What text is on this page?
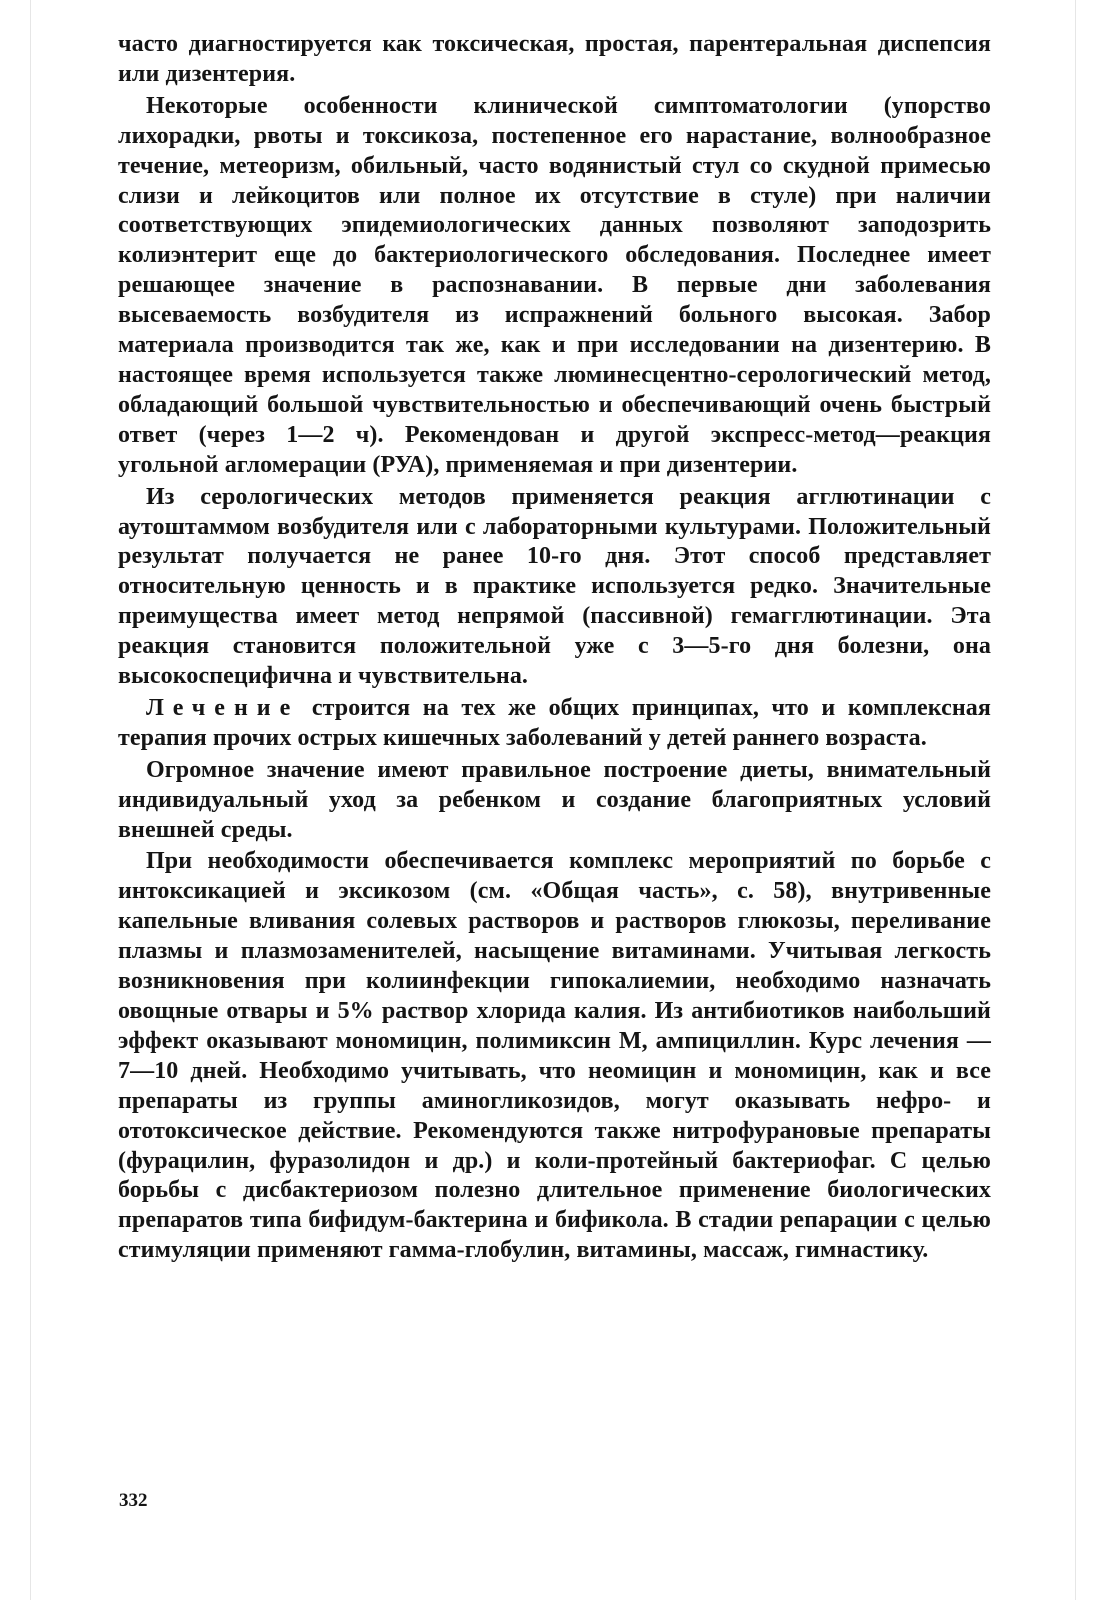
часто диагностируется как токсическая, простая, парентеральная диспепсия или дизентерия.

Некоторые особенности клинической симптоматологии (упорство лихорадки, рвоты и токсикоза, постепенное его нарастание, волнообразное течение, метеоризм, обильный, часто водянистый стул со скудной примесью слизи и лейкоцитов или полное их отсутствие в стуле) при наличии соответствующих эпидемиологических данных позволяют заподозрить колиэнтерит еще до бактериологического обследования. Последнее имеет решающее значение в распознавании. В первые дни заболевания высеваемость возбудителя из испражнений больного высокая. Забор материала производится так же, как и при исследовании на дизентерию. В настоящее время используется также люминесцентно-серологический метод, обладающий большой чувствительностью и обеспечивающий очень быстрый ответ (через 1—2 ч). Рекомендован и другой экспресс-метод—реакция угольной агломерации (РУА), применяемая и при дизентерии.

Из серологических методов применяется реакция агглютинации с аутоштаммом возбудителя или с лабораторными культурами. Положительный результат получается не ранее 10-го дня. Этот способ представляет относительную ценность и в практике используется редко. Значительные преимущества имеет метод непрямой (пассивной) гемагглютинации. Эта реакция становится положительной уже с 3—5-го дня болезни, она высокоспецифична и чувствительна.

Лечение строится на тех же общих принципах, что и комплексная терапия прочих острых кишечных заболеваний у детей раннего возраста.

Огромное значение имеют правильное построение диеты, внимательный индивидуальный уход за ребенком и создание благоприятных условий внешней среды.

При необходимости обеспечивается комплекс мероприятий по борьбе с интоксикацией и эксикозом (см. «Общая часть», с. 58), внутривенные капельные вливания солевых растворов и растворов глюкозы, переливание плазмы и плазмозаменителей, насыщение витаминами. Учитывая легкость возникновения при колиинфекции гипокалиемии, необходимо назначать овощные отвары и 5% раствор хлорида калия. Из антибиотиков наибольший эффект оказывают мономицин, полимиксин М, ампициллин. Курс лечения — 7—10 дней. Необходимо учитывать, что неомицин и мономицин, как и все препараты из группы аминогликозидов, могут оказывать нефро- и ототоксическое действие. Рекомендуются также нитрофурановые препараты (фурацилин, фуразолидон и др.) и коли-протейный бактериофаг. С целью борьбы с дисбактериозом полезно длительное применение биологических препаратов типа бифидум-бактерина и бификола. В стадии репарации с целью стимуляции применяют гамма-глобулин, витамины, массаж, гимнастику.

332
